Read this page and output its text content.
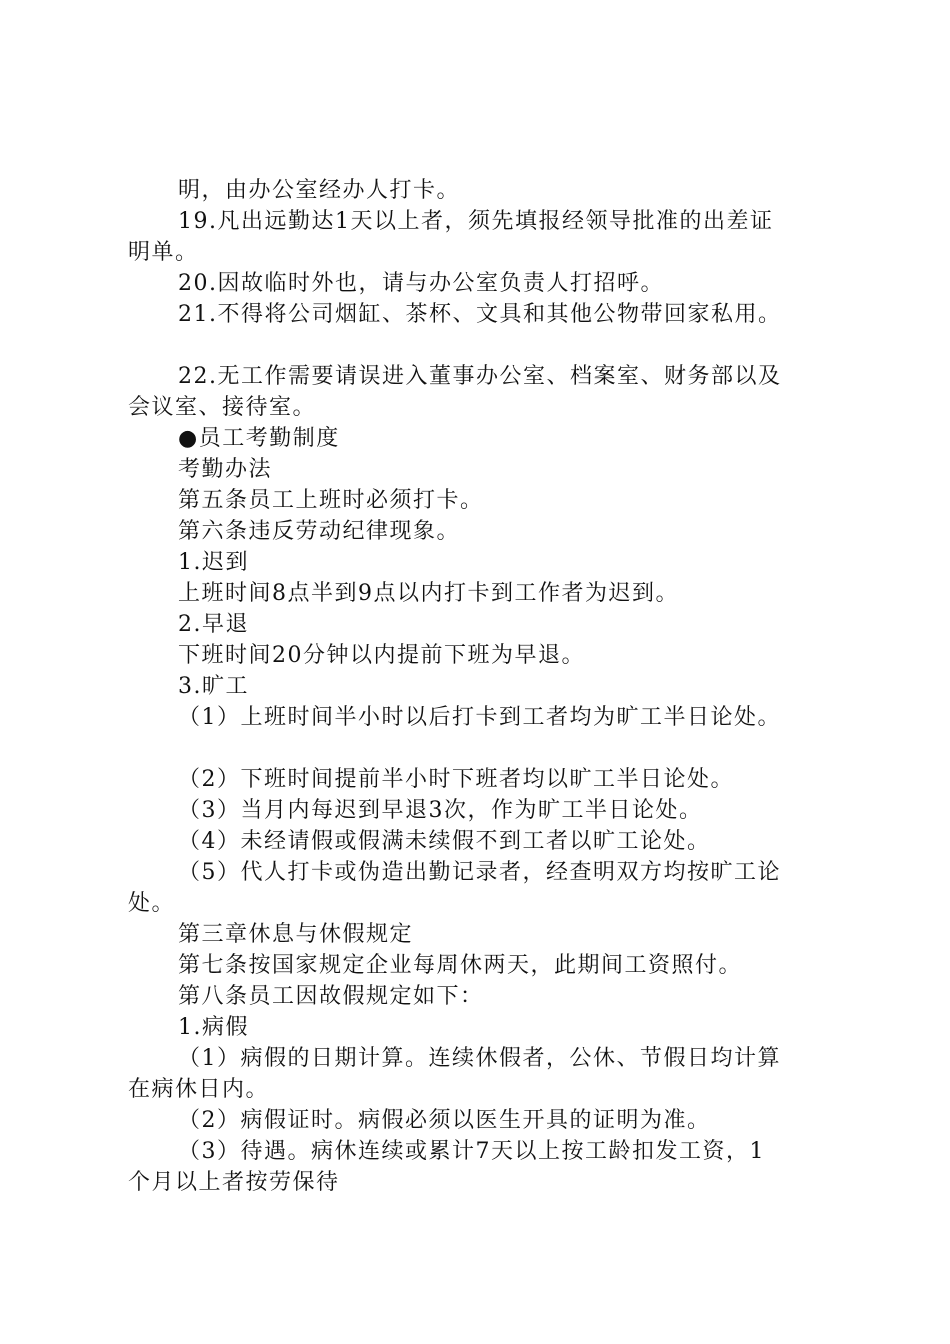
明，由办公室经办人打卡。

19.凡出远勤达1天以上者，须先填报经领导批准的出差证

明单。

20.因故临时外也，请与办公室负责人打招呼。

21.不得将公司烟缸、茶杯、文具和其他公物带回家私用。

22.无工作需要请误进入董事办公室、档案室、财务部以及

会议室、接待室。

●员工考勤制度

考勤办法

第五条员工上班时必须打卡。

第六条违反劳动纪律现象。

1.迟到

上班时间8点半到9点以内打卡到工作者为迟到。

2.早退

下班时间20分钟以内提前下班为早退。

3.旷工

（1）上班时间半小时以后打卡到工者均为旷工半日论处。

（2）下班时间提前半小时下班者均以旷工半日论处。

（3）当月内每迟到早退3次，作为旷工半日论处。

（4）未经请假或假满未续假不到工者以旷工论处。

（5）代人打卡或伪造出勤记录者，经查明双方均按旷工论

处。

第三章休息与休假规定

第七条按国家规定企业每周休两天，此期间工资照付。

第八条员工因故假规定如下：

1.病假

（1）病假的日期计算。连续休假者，公休、节假日均计算

在病休日内。

（2）病假证时。病假必须以医生开具的证明为准。

（3）待遇。病休连续或累计7天以上按工龄扣发工资，1

个月以上者按劳保待
